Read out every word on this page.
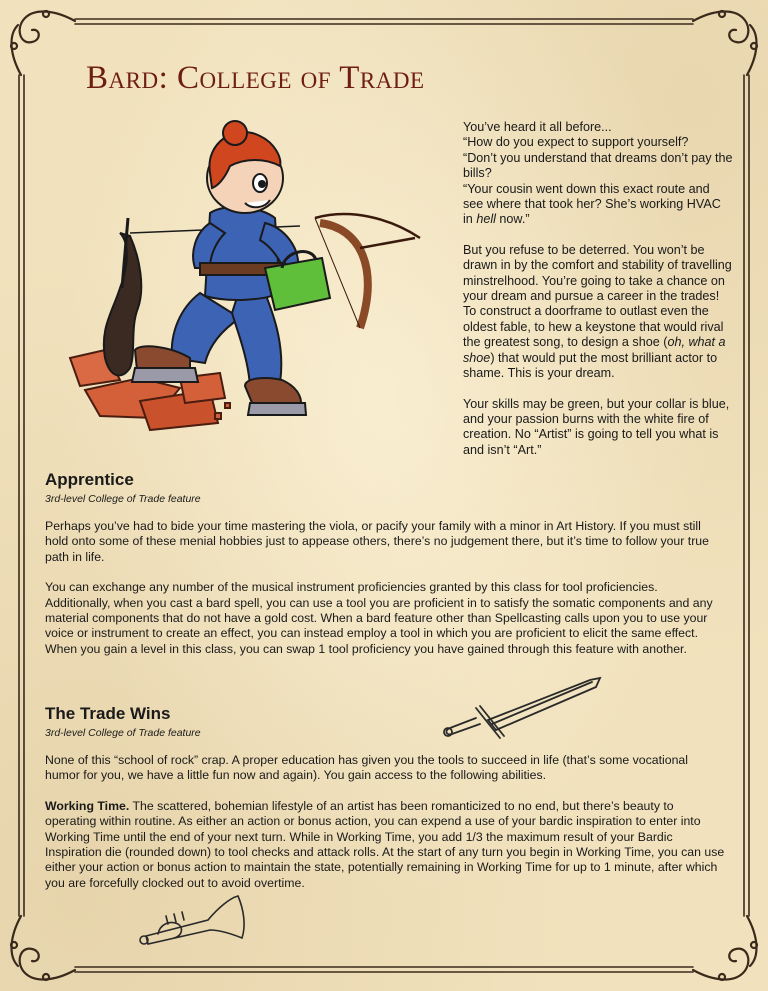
Bard: College of Trade

You’ve heard it all before...
“How do you expect to support yourself?
“Don’t you understand that dreams don’t pay the bills?
“Your cousin went down this exact route and see where that took her? She’s working HVAC in hell now.”

But you refuse to be deterred. You won’t be drawn in by the comfort and stability of travelling minstrelhood. You’re going to take a chance on your dream and pursue a career in the trades! To construct a doorframe to outlast even the oldest fable, to hew a keystone that would rival the greatest song, to design a shoe (oh, what a shoe) that would put the most brilliant actor to shame. This is your dream.

Your skills may be green, but your collar is blue, and your passion burns with the white fire of creation. No “Artist” is going to tell you what is and isn’t “Art.”

Apprentice
3rd-level College of Trade feature

Perhaps you’ve had to bide your time mastering the viola, or pacify your family with a minor in Art History. If you must still hold onto some of these menial hobbies just to appease others, there’s no judgement there, but it’s time to follow your true path in life.

You can exchange any number of the musical instrument proficiencies granted by this class for tool proficiencies. Additionally, when you cast a bard spell, you can use a tool you are proficient in to satisfy the somatic components and any material components that do not have a gold cost. When a bard feature other than Spellcasting calls upon you to use your voice or instrument to create an effect, you can instead employ a tool in which you are proficient to elicit the same effect. When you gain a level in this class, you can swap 1 tool proficiency you have gained through this feature with another.

The Trade Wins
3rd-level College of Trade feature

None of this “school of rock” crap. A proper education has given you the tools to succeed in life (that’s some vocational humor for you, we have a little fun now and again). You gain access to the following abilities.

Working Time. The scattered, bohemian lifestyle of an artist has been romanticized to no end, but there’s beauty to operating within routine. As either an action or bonus action, you can expend a use of your bardic inspiration to enter into Working Time until the end of your next turn. While in Working Time, you add 1/3 the maximum result of your Bardic Inspiration die (rounded down) to tool checks and attack rolls. At the start of any turn you begin in Working Time, you can use either your action or bonus action to maintain the state, potentially remaining in Working Time for up to 1 minute, after which you are forcefully clocked out to avoid overtime.
